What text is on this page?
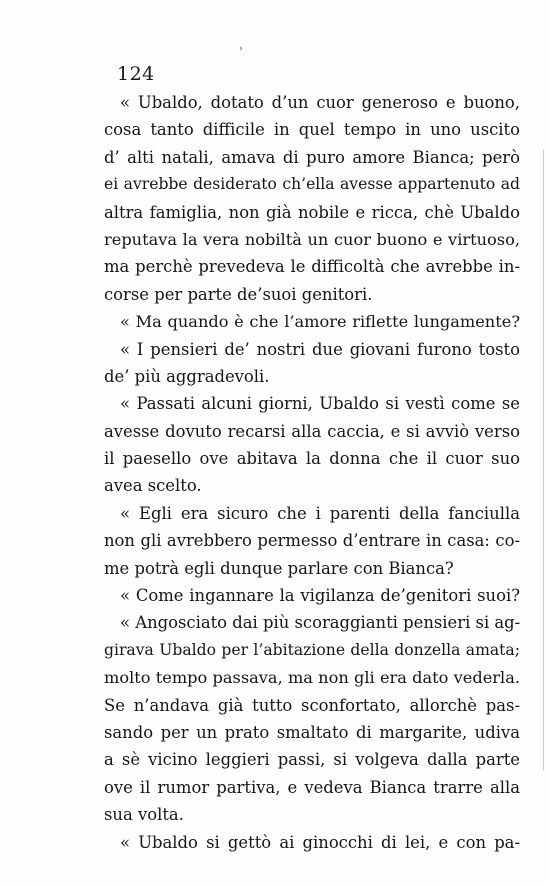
›
124
« Ubaldo, dotato d’un cuor generoso e buono,
cosa tanto difficile in quel tempo in uno uscito
d’ alti natali, amava di puro amore Bianca; però
ei avrebbe desiderato ch’ella avesse appartenuto ad
altra famiglia, non già nobile e ricca, chè Ubaldo
reputava la vera nobiltà un cuor buono e virtuoso,
ma perchè prevedeva le difficoltà che avrebbe in-
corse per parte de’suoi genitori.
« Ma quando è che l’amore riflette lungamente?
« I pensieri de’ nostri due giovani furono tosto
de’ più aggradevoli.
« Passati alcuni giorni, Ubaldo si vestì come se
avesse dovuto recarsi alla caccia, e si avviò verso
il paesello ove abitava la donna che il cuor suo
avea scelto.
« Egli era sicuro che i parenti della fanciulla
non gli avrebbero permesso d’entrare in casa: co-
me potrà egli dunque parlare con Bianca?
« Come ingannare la vigilanza de’genitori suoi?
« Angosciato dai più scoraggianti pensieri si ag-
girava Ubaldo per l’abitazione della donzella amata;
molto tempo passava, ma non gli era dato vederla.
Se n’andava già tutto sconfortato, allorchè pas-
sando per un prato smaltato di margarite, udiva
a sè vicino leggieri passi, si volgeva dalla parte
ove il rumor partiva, e vedeva Bianca trarre alla
sua volta.
« Ubaldo si gettò ai ginocchi di lei, e con pa-
